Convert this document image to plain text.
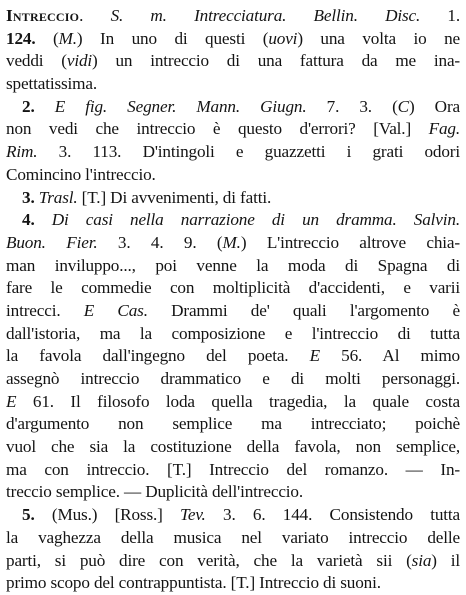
Intreccio. S. m. Intrecciatura. Bellin. Disc. 1.
124. (M.) In uno di questi (uovi) una volta io ne
veddi (vidi) un intreccio di una fattura da me ina-
spettatissima.
2. E fig. Segner. Mann. Giugn. 7. 3. (C) Ora
non vedi che intreccio è questo d'errori? [Val.] Fag.
Rim. 3. 113. D'intingoli e guazzetti i grati odori
Comincino l'intreccio.
3. Trasl. [T.] Di avvenimenti, di fatti.
4. Di casi nella narrazione di un dramma. Salvin.
Buon. Fier. 3. 4. 9. (M.) L'intreccio altrove chia-
man inviluppo..., poi venne la moda di Spagna di
fare le commedie con moltiplicità d'accidenti, e varii
intrecci. E Cas. Drammi de' quali l'argomento è
dall'istoria, ma la composizione e l'intreccio di tutta
la favola dall'ingegno del poeta. E 56. Al mimo
assegnò intreccio drammatico e di molti personaggi.
E 61. Il filosofo loda quella tragedia, la quale costa
d'argumento non semplice ma intrecciato; poichè
vuol che sia la costituzione della favola, non semplice,
ma con intreccio. [T.] Intreccio del romanzo. — In-
treccio semplice. — Duplicità dell'intreccio.
5. (Mus.) [Ross.] Tev. 3. 6. 144. Consistendo tutta
la vaghezza della musica nel variato intreccio delle
parti, si può dire con verità, che la varietà sii (sia) il
primo scopo del contrappuntista. [T.] Intreccio di suoni.
